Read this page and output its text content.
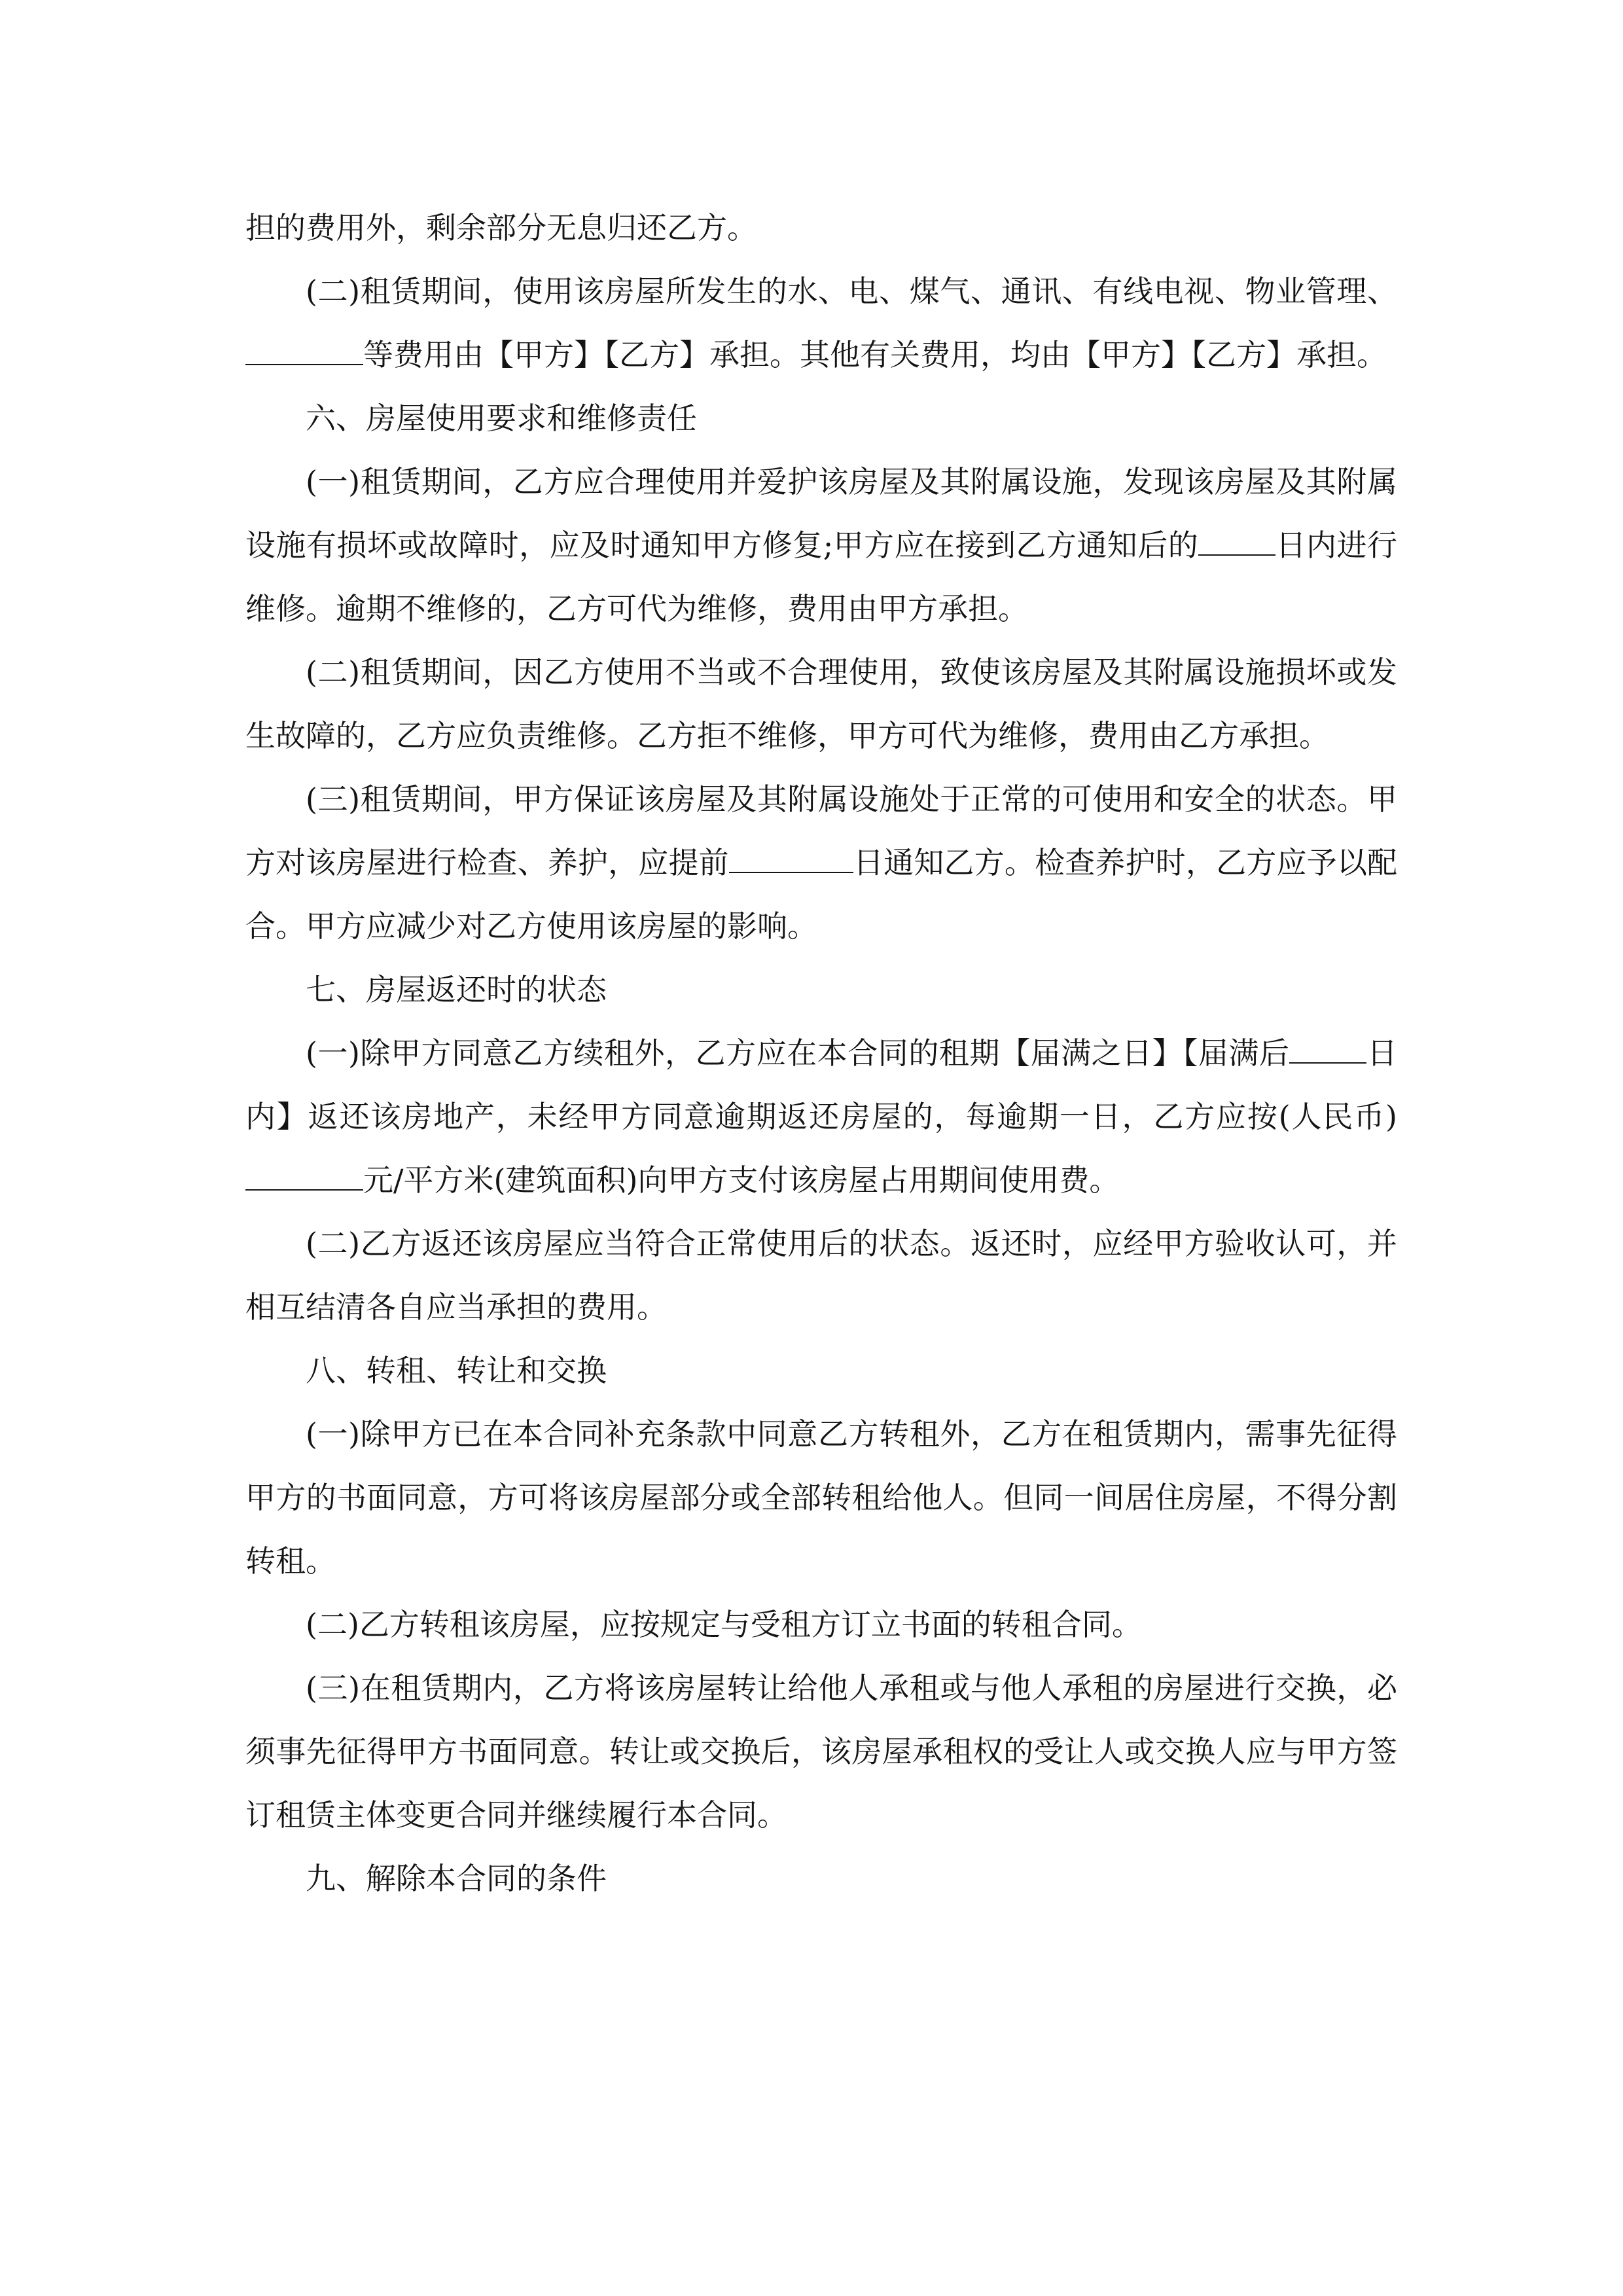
担的费用外，剩余部分无息归还乙方。

(二)租赁期间，使用该房屋所发生的水、电、煤气、通讯、有线电视、物业管理、等费用由【甲方】【乙方】承担。其他有关费用，均由【甲方】【乙方】承担。

六、房屋使用要求和维修责任

(一)租赁期间，乙方应合理使用并爱护该房屋及其附属设施，发现该房屋及其附属设施有损坏或故障时，应及时通知甲方修复;甲方应在接到乙方通知后的	日内进行维修。逾期不维修的，乙方可代为维修，费用由甲方承担。

(二)租赁期间，因乙方使用不当或不合理使用，致使该房屋及其附属设施损坏或发生故障的，乙方应负责维修。乙方拒不维修，甲方可代为维修，费用由乙方承担。

(三)租赁期间，甲方保证该房屋及其附属设施处于正常的可使用和安全的状态。甲方对该房屋进行检查、养护，应提前	日通知乙方。检查养护时，乙方应予以配合。甲方应减少对乙方使用该房屋的影响。

七、房屋返还时的状态

(一)除甲方同意乙方续租外，乙方应在本合同的租期【届满之日】【届满后	日内】返还该房地产，未经甲方同意逾期返还房屋的，每逾期一日，乙方应按(人民币)元/平方米(建筑面积)向甲方支付该房屋占用期间使用费。

(二)乙方返还该房屋应当符合正常使用后的状态。返还时，应经甲方验收认可，并相互结清各自应当承担的费用。

八、转租、转让和交换

(一)除甲方已在本合同补充条款中同意乙方转租外，乙方在租赁期内，需事先征得甲方的书面同意，方可将该房屋部分或全部转租给他人。但同一间居住房屋，不得分割转租。

(二)乙方转租该房屋，应按规定与受租方订立书面的转租合同。

(三)在租赁期内，乙方将该房屋转让给他人承租或与他人承租的房屋进行交换，必须事先征得甲方书面同意。转让或交换后，该房屋承租权的受让人或交换人应与甲方签订租赁主体变更合同并继续履行本合同。

九、解除本合同的条件
